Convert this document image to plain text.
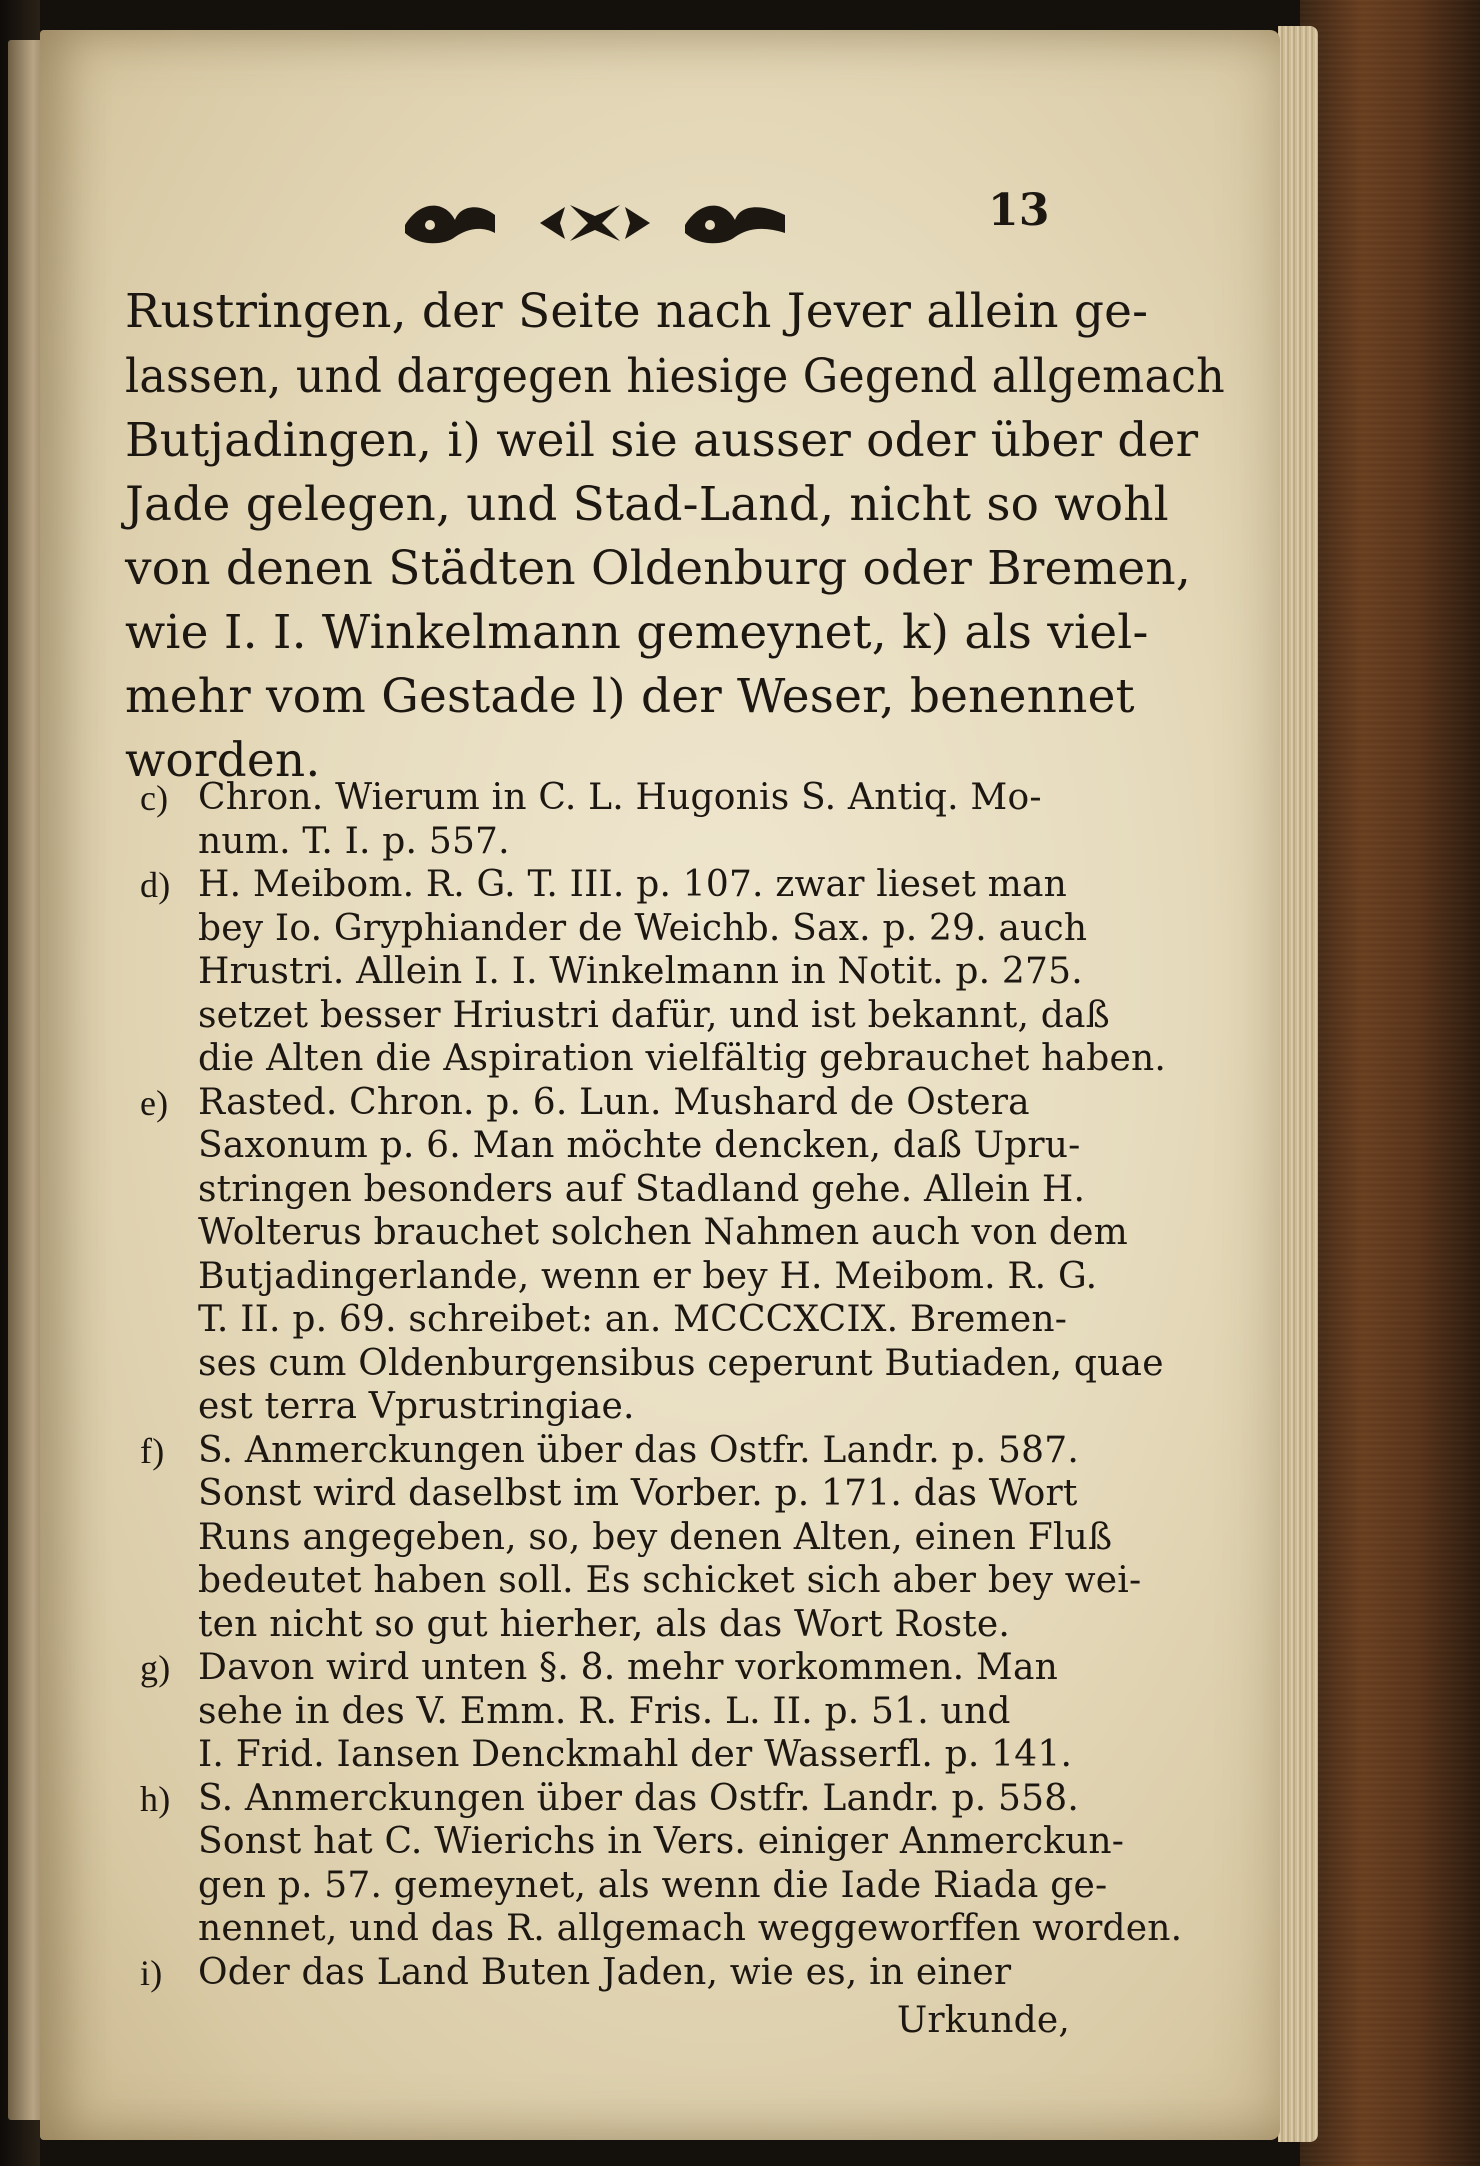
13
Rustringen, der Seite nach Jever allein ge-
lassen, und dargegen hiesige Gegend allgemach
Butjadingen, i) weil sie ausser oder über der
Jade gelegen, und Stad-Land, nicht so wohl
von denen Städten Oldenburg oder Bremen,
wie I. I. Winkelmann gemeynet, k) als viel-
mehr vom Gestade l) der Weser, benennet
worden.
c) Chron. Wierum in C. L. Hugonis S. Antiq. Mo-
num. T. I. p. 557.
d) H. Meibom. R. G. T. III. p. 107. zwar lieset man
bey Io. Gryphiander de Weichb. Sax. p. 29. auch
Hrustri. Allein I. I. Winkelmann in Notit. p. 275.
setzet besser Hriustri dafür, und ist bekannt, daß
die Alten die Aspiration vielfältig gebrauchet haben.
e) Rasted. Chron. p. 6. Lun. Mushard de Ostera
Saxonum p. 6. Man möchte dencken, daß Upru-
stringen besonders auf Stadland gehe. Allein H.
Wolterus brauchet solchen Nahmen auch von dem
Butjadingerlande, wenn er bey H. Meibom. R. G.
T. II. p. 69. schreibet: an. MCCCXCIX. Bremen-
ses cum Oldenburgensibus ceperunt Butiaden, quae
est terra Vprustringiae.
f) S. Anmerckungen über das Ostfr. Landr. p. 587.
Sonst wird daselbst im Vorber. p. 171. das Wort
Runs angegeben, so, bey denen Alten, einen Fluß
bedeutet haben soll. Es schicket sich aber bey wei-
ten nicht so gut hierher, als das Wort Roste.
g) Davon wird unten §. 8. mehr vorkommen. Man
sehe in des V. Emm. R. Fris. L. II. p. 51. und
I. Frid. Iansen Denckmahl der Wasserfl. p. 141.
h) S. Anmerckungen über das Ostfr. Landr. p. 558.
Sonst hat C. Wierichs in Vers. einiger Anmerckun-
gen p. 57. gemeynet, als wenn die Iade Riada ge-
nennet, und das R. allgemach weggeworffen worden.
i) Oder das Land Buten Jaden, wie es, in einer
Urkunde,
